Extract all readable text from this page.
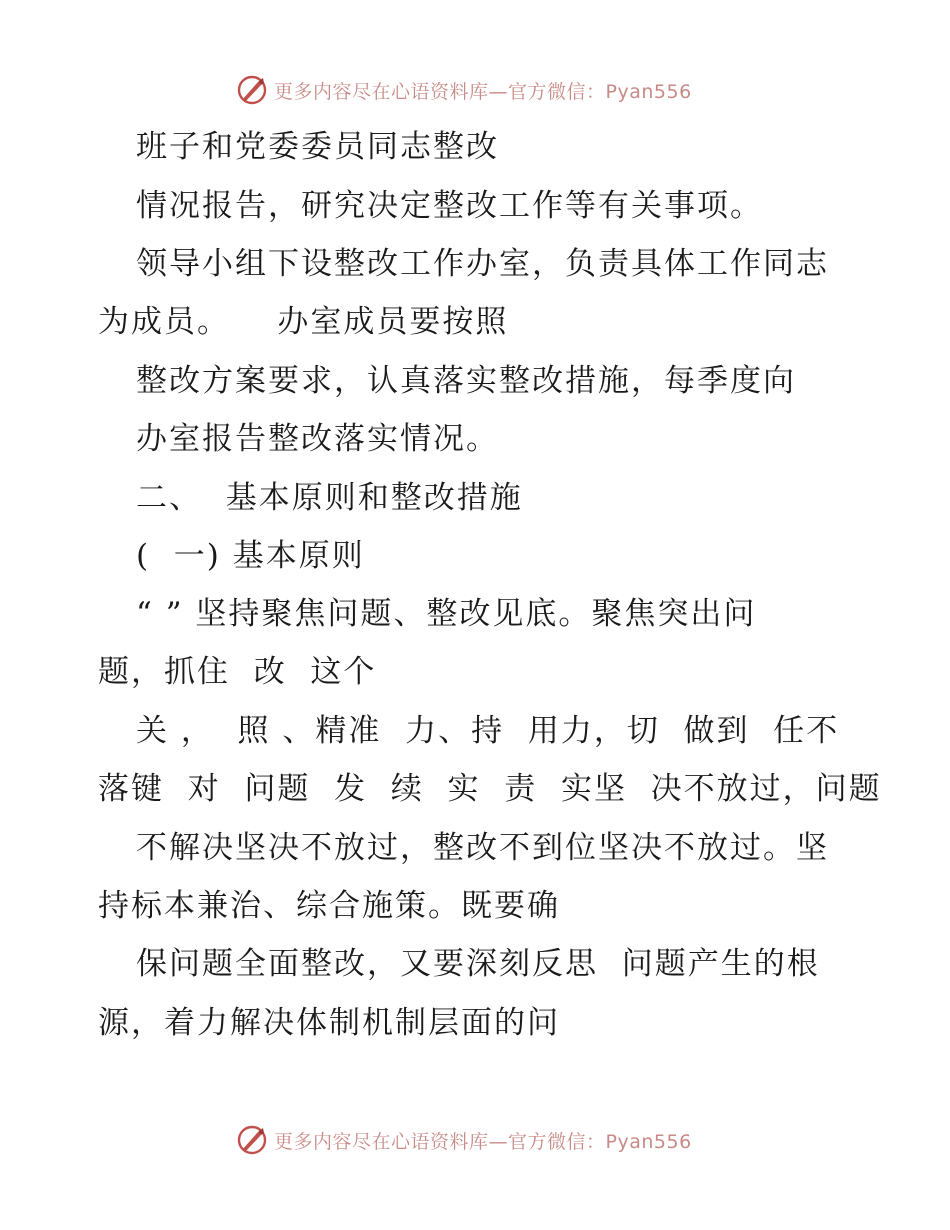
更多内容尽在心语资料库—官方微信：Pyan556
班子和党委委员同志整改
情况报告，研究决定整改工作等有关事项。
领导小组下设整改工作办室，负责具体工作同志
为成员。    办室成员要按照
整改方案要求，认真落实整改措施，每季度向
办室报告整改落实情况。
二、  基本原则和整改措施
(  一) 基本原则
“ ” 坚持聚焦问题、整改见底。聚焦突出问
题，抓住  改  这个
关 ，  照 、精准  力、持  用力，切  做到  任不
落键  对  问题  发  续  实  责  实坚  决不放过，问题
不解决坚决不放过，整改不到位坚决不放过。坚
持标本兼治、综合施策。既要确
保问题全面整改，又要深刻反思  问题产生的根
源，着力解决体制机制层面的问
更多内容尽在心语资料库—官方微信：Pyan556
